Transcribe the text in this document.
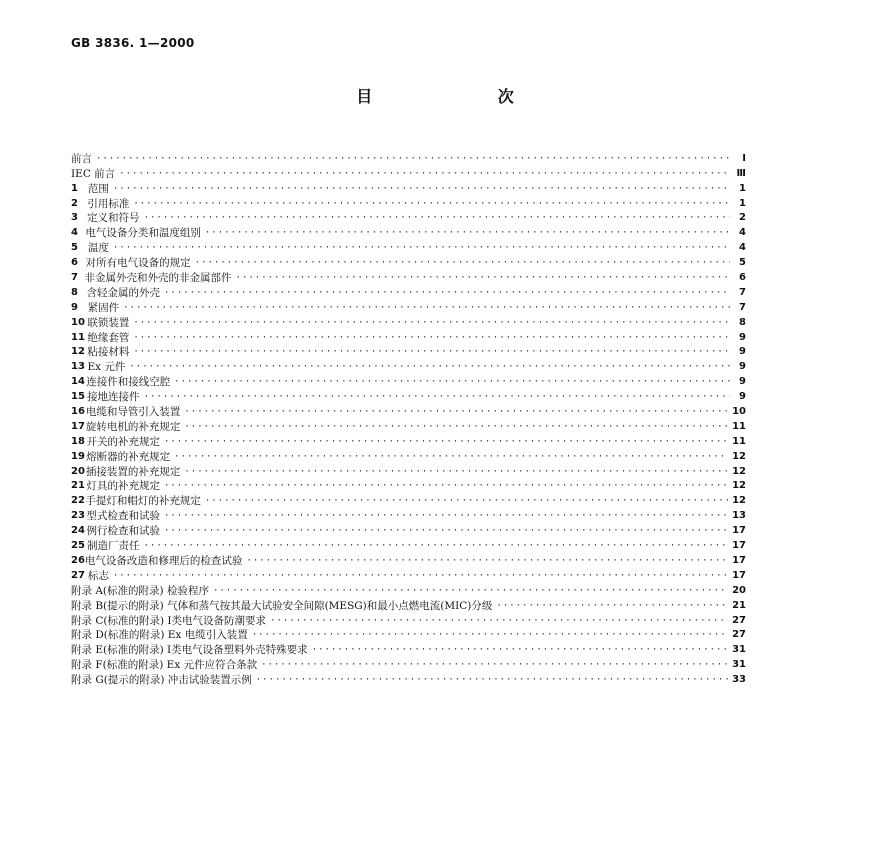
GB 3836. 1—2000
目 次
前言 ·····	Ⅰ
IEC 前言 ·····	Ⅲ
1 范围 ·····	1
2 引用标准 ·····	1
3 定义和符号 ·····	2
4 电气设备分类和温度组别 ·····	4
5 温度 ·····	4
6 对所有电气设备的规定 ·····	5
7 非金属外壳和外壳的非金属部件 ·····	6
8 含轻金属的外壳 ·····	7
9 紧固件 ·····	7
10 联锁装置 ·····	8
11 绝缘套管 ·····	9
12 粘接材料 ·····	9
13 Ex 元件 ·····	9
14 连接件和接线空腔 ·····	9
15 接地连接件 ·····	9
16 电缆和导管引入装置 ·····	10
17 旋转电机的补充规定 ·····	11
18 开关的补充规定 ·····	11
19 熔断器的补充规定 ·····	12
20 插接装置的补充规定 ·····	12
21 灯具的补充规定 ·····	12
22 手提灯和帽灯的补充规定 ·····	12
23 型式检查和试验 ·····	13
24 例行检查和试验 ·····	17
25 制造厂责任 ·····	17
26 电气设备改造和修理后的检查试验 ·····	17
27 标志 ·····	17
附录 A(标准的附录) 检验程序 ·····	20
附录 B(提示的附录) 气体和蒸气按其最大试验安全间隙(MESG)和最小点燃电流(MIC)分级 ·····	21
附录 C(标准的附录) Ⅰ类电气设备防潮要求 ·····	27
附录 D(标准的附录) Ex 电缆引入装置 ·····	27
附录 E(标准的附录) Ⅰ类电气设备塑料外壳特殊要求 ·····	31
附录 F(标准的附录) Ex 元件应符合条款 ·····	31
附录 G(提示的附录) 冲击试验装置示例 ·····	33
